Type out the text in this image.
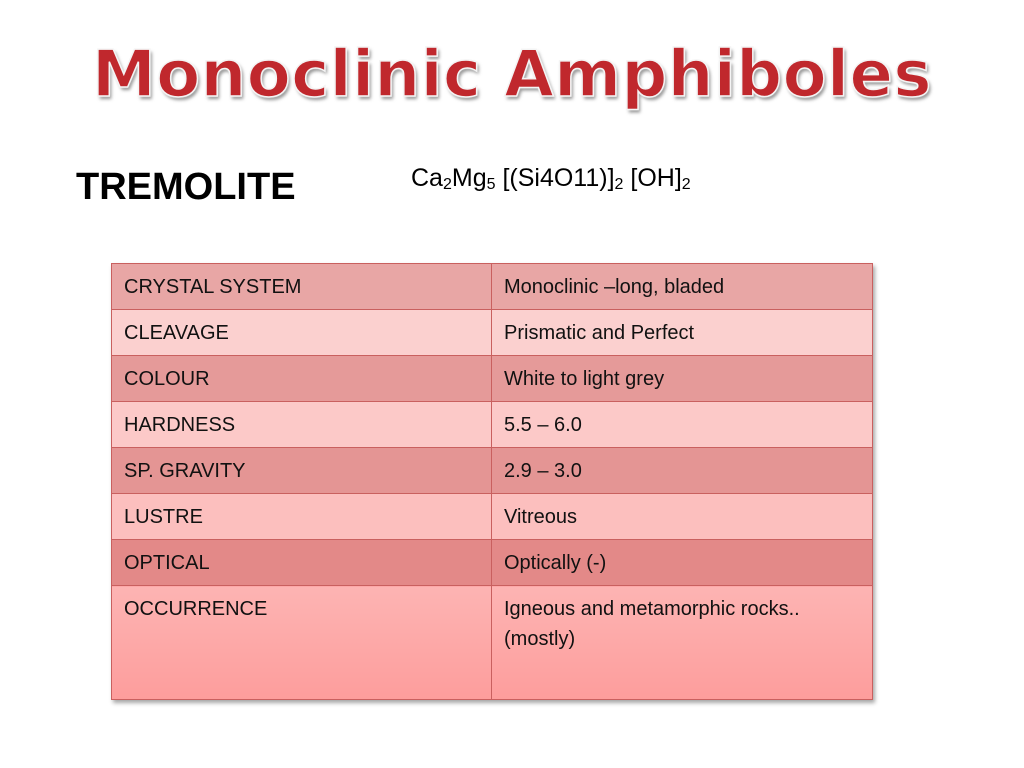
Monoclinic Amphiboles
TREMOLITE	$Ca_2Mg_5$ $[(Si4O11)]_2$ $[OH]_2$
CRYSTAL SYSTEM	Monoclinic –long, bladed
CLEAVAGE	Prismatic and Perfect
COLOUR	White to light grey
HARDNESS	5.5 – 6.0
SP. GRAVITY	2.9 – 3.0
LUSTRE	Vitreous
OPTICAL	Optically (-)
OCCURRENCE	Igneous and metamorphic rocks.. (mostly)
